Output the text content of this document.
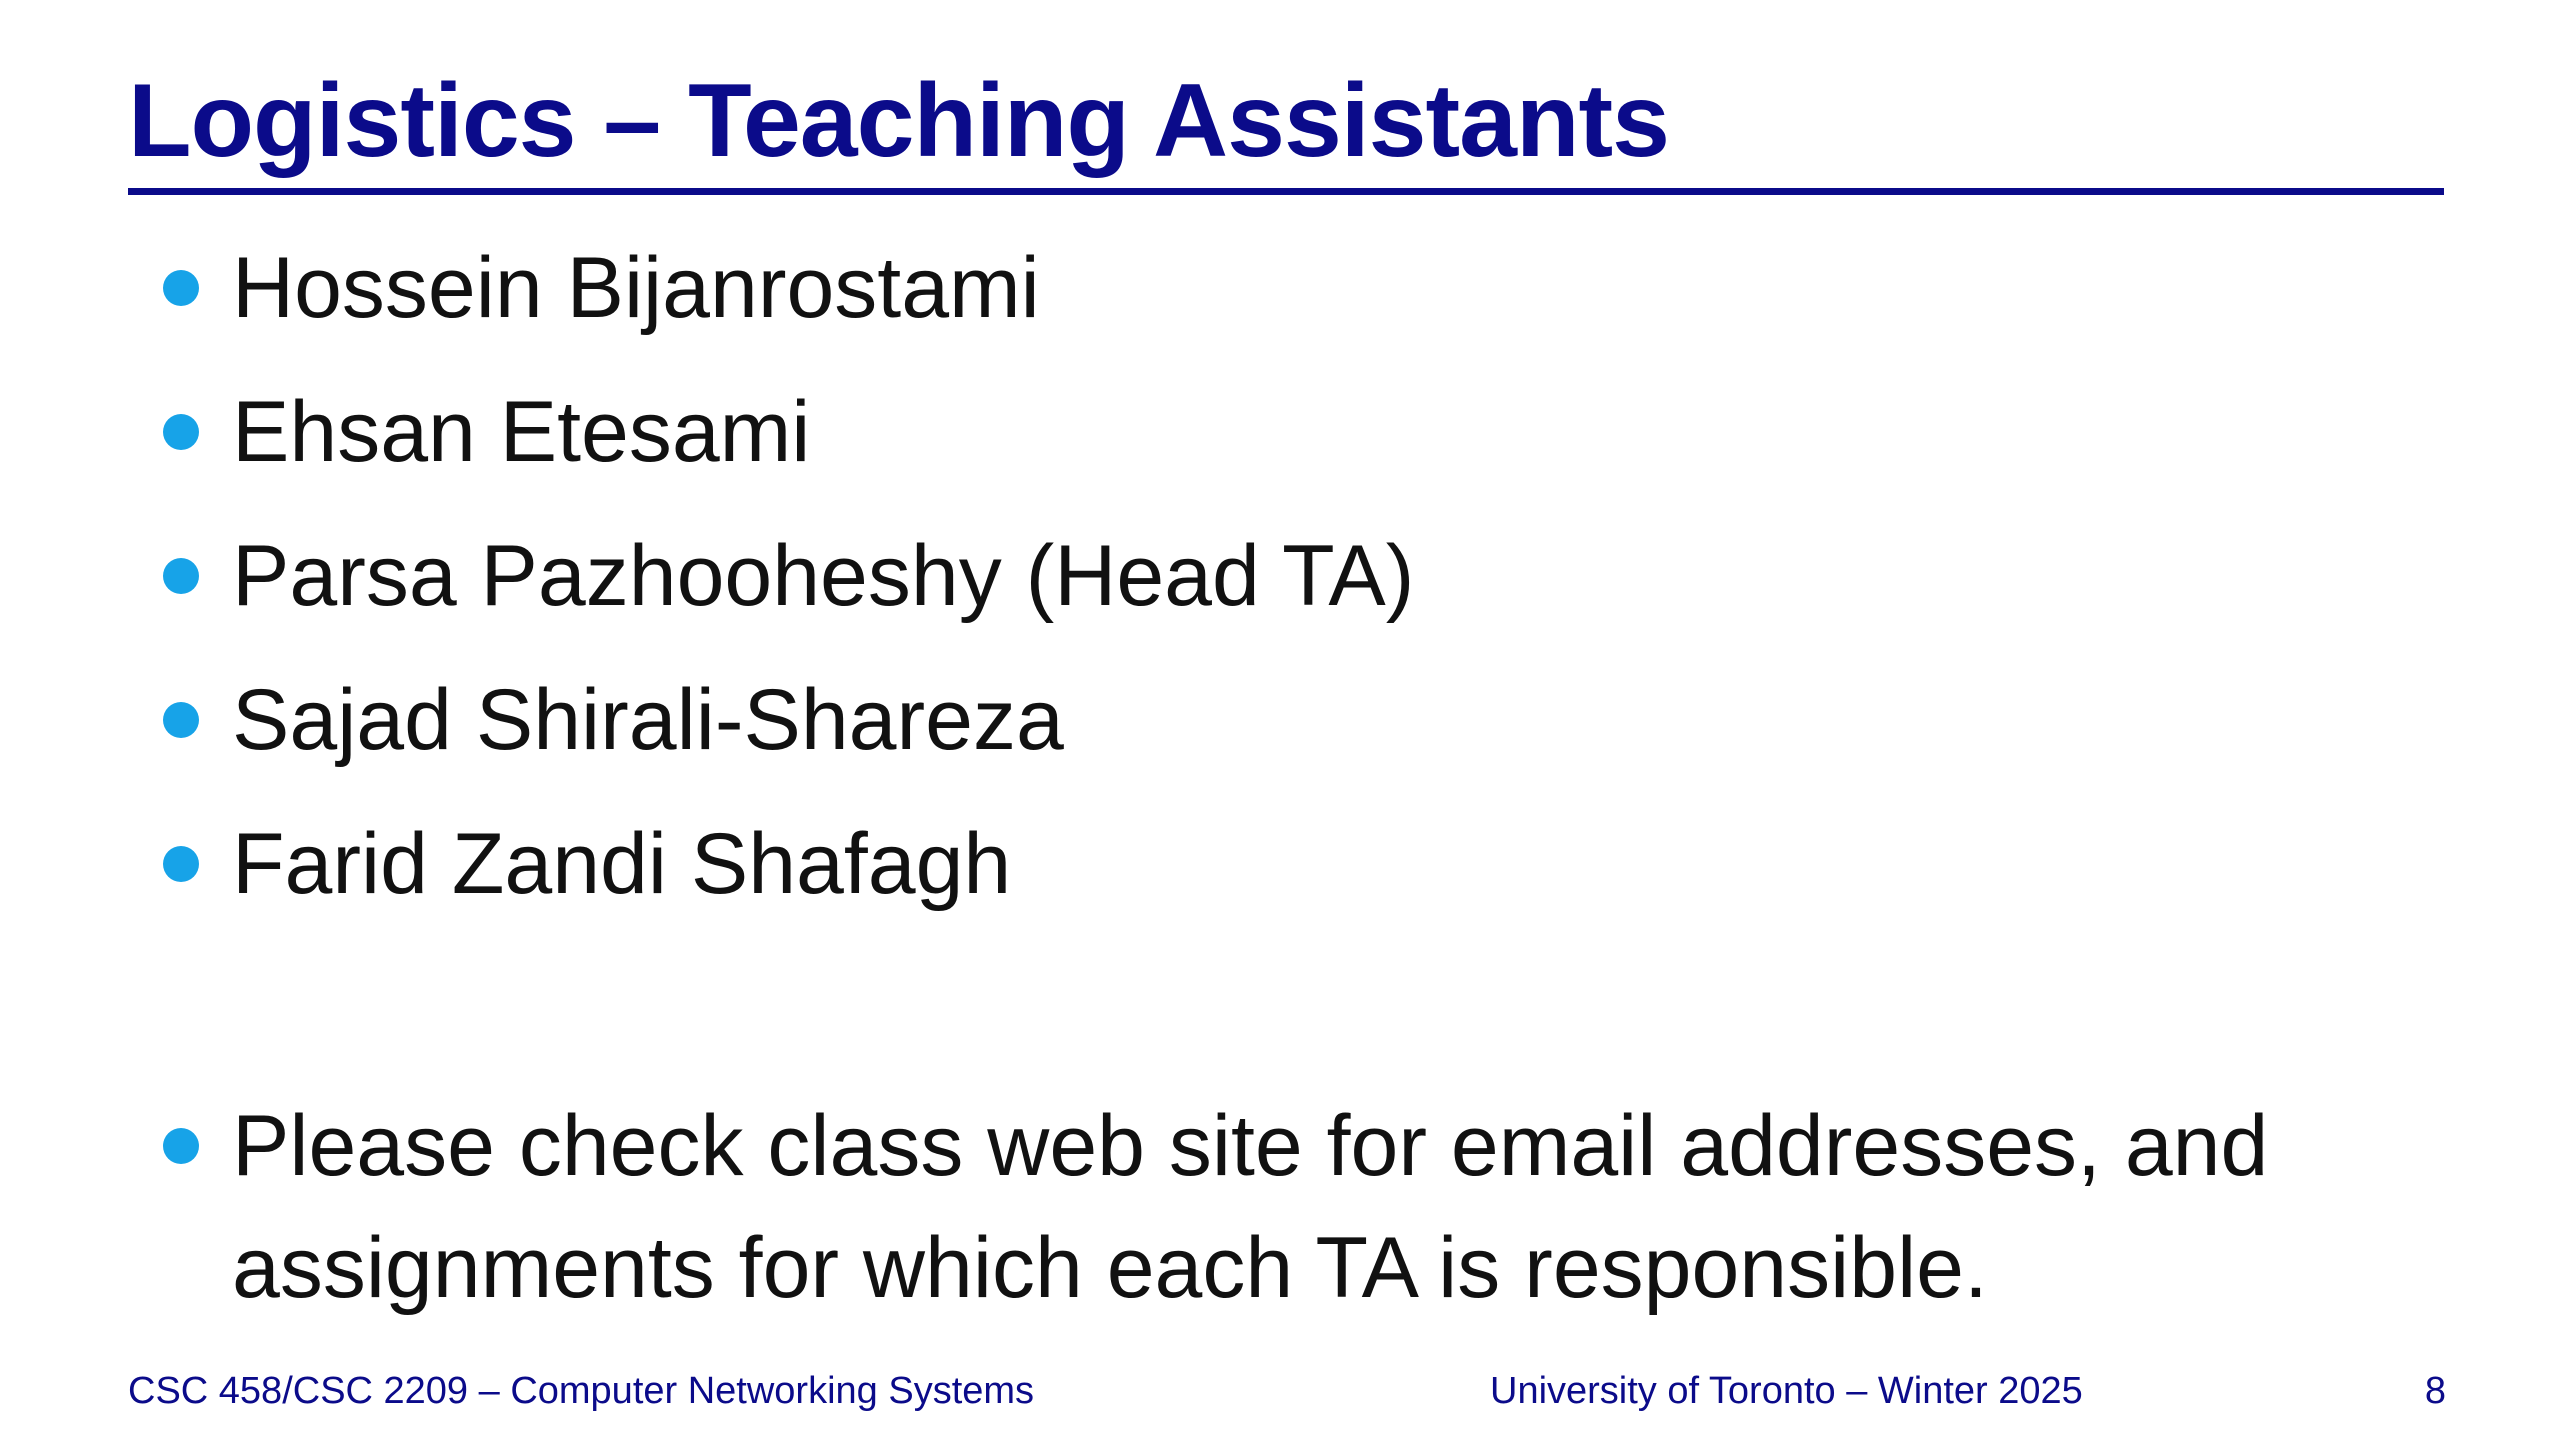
Logistics – Teaching Assistants
Hossein Bijanrostami
Ehsan Etesami
Parsa Pazhooheshy (Head TA)
Sajad Shirali-Shareza
Farid Zandi Shafagh
Please check class web site for email addresses, and assignments for which each TA is responsible.
CSC 458/CSC 2209 – Computer Networking Systems	University of Toronto – Winter 2025	8
